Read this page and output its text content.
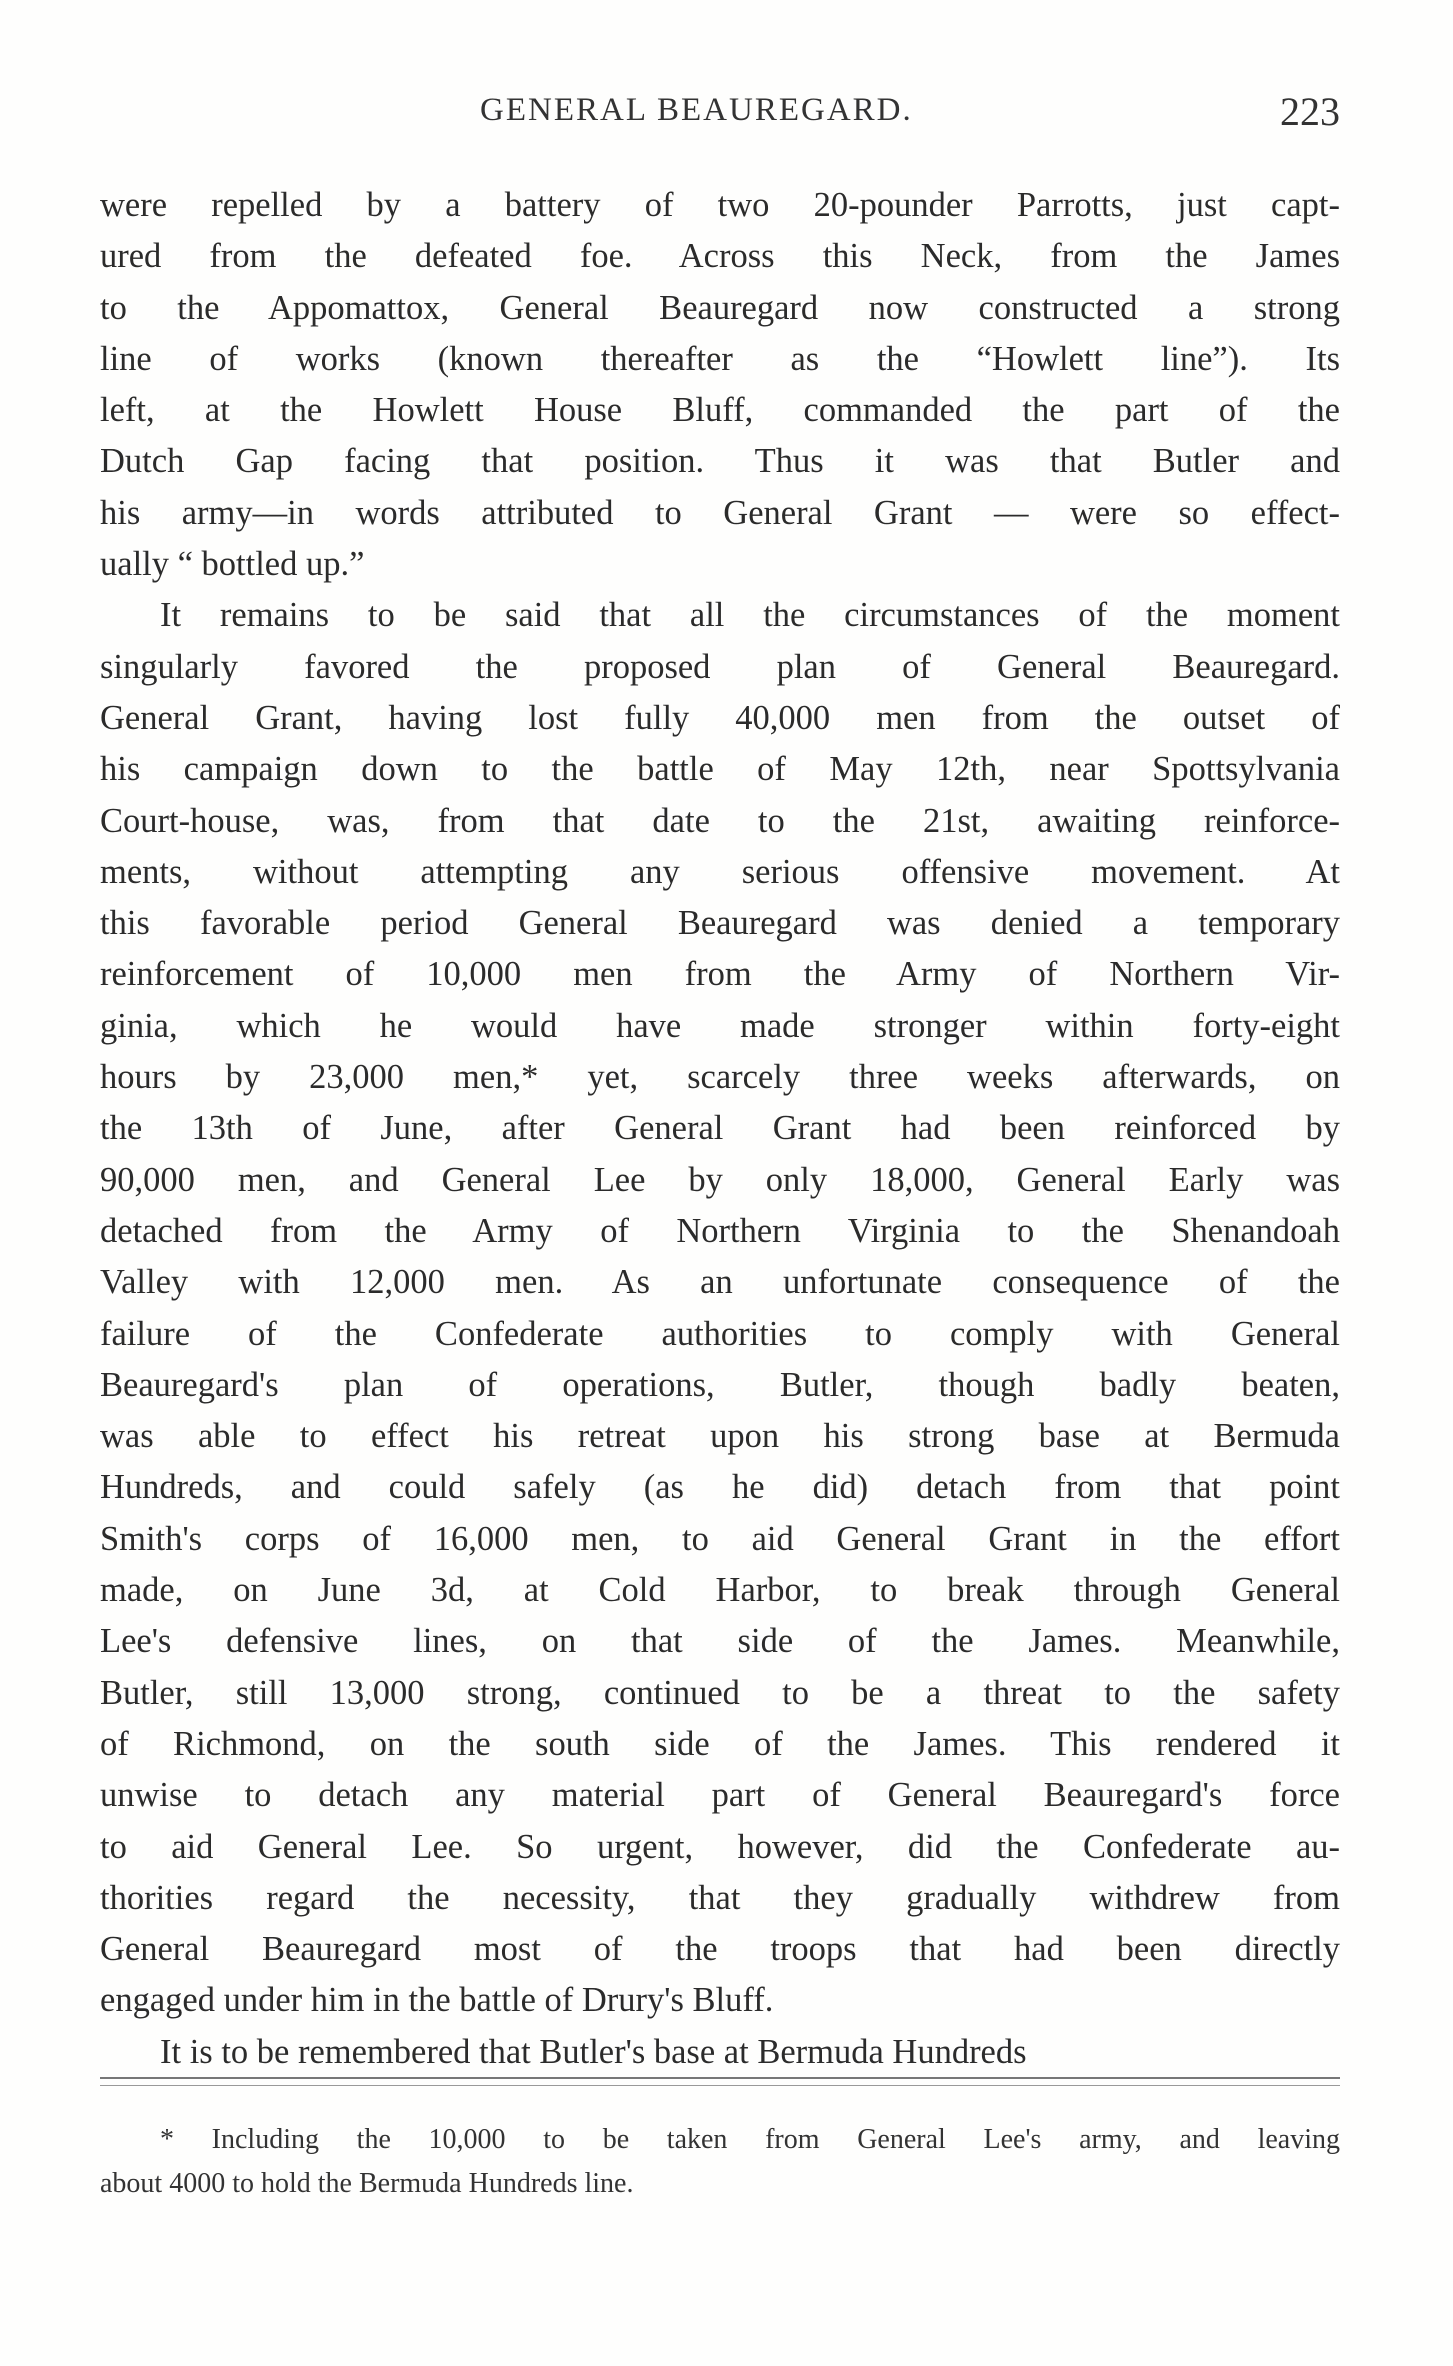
GENERAL BEAUREGARD.	223
were repelled by a battery of two 20-pounder Parrotts, just capt-
ured from the defeated foe. Across this Neck, from the James
to the Appomattox, General Beauregard now constructed a strong
line of works (known thereafter as the “Howlett line”). Its
left, at the Howlett House Bluff, commanded the part of the
Dutch Gap facing that position. Thus it was that Butler and
his army—in words attributed to General Grant — were so effect-
ually “ bottled up.”
It remains to be said that all the circumstances of the moment
singularly favored the proposed plan of General Beauregard.
General Grant, having lost fully 40,000 men from the outset of
his campaign down to the battle of May 12th, near Spottsylvania
Court-house, was, from that date to the 21st, awaiting reinforce-
ments, without attempting any serious offensive movement. At
this favorable period General Beauregard was denied a temporary
reinforcement of 10,000 men from the Army of Northern Vir-
ginia, which he would have made stronger within forty-eight
hours by 23,000 men,* yet, scarcely three weeks afterwards, on
the 13th of June, after General Grant had been reinforced by
90,000 men, and General Lee by only 18,000, General Early was
detached from the Army of Northern Virginia to the Shenandoah
Valley with 12,000 men. As an unfortunate consequence of the
failure of the Confederate authorities to comply with General
Beauregard's plan of operations, Butler, though badly beaten,
was able to effect his retreat upon his strong base at Bermuda
Hundreds, and could safely (as he did) detach from that point
Smith's corps of 16,000 men, to aid General Grant in the effort
made, on June 3d, at Cold Harbor, to break through General
Lee's defensive lines, on that side of the James. Meanwhile,
Butler, still 13,000 strong, continued to be a threat to the safety
of Richmond, on the south side of the James. This rendered it
unwise to detach any material part of General Beauregard's force
to aid General Lee. So urgent, however, did the Confederate au-
thorities regard the necessity, that they gradually withdrew from
General Beauregard most of the troops that had been directly
engaged under him in the battle of Drury's Bluff.
It is to be remembered that Butler's base at Bermuda Hundreds
* Including the 10,000 to be taken from General Lee's army, and leaving
about 4000 to hold the Bermuda Hundreds line.
